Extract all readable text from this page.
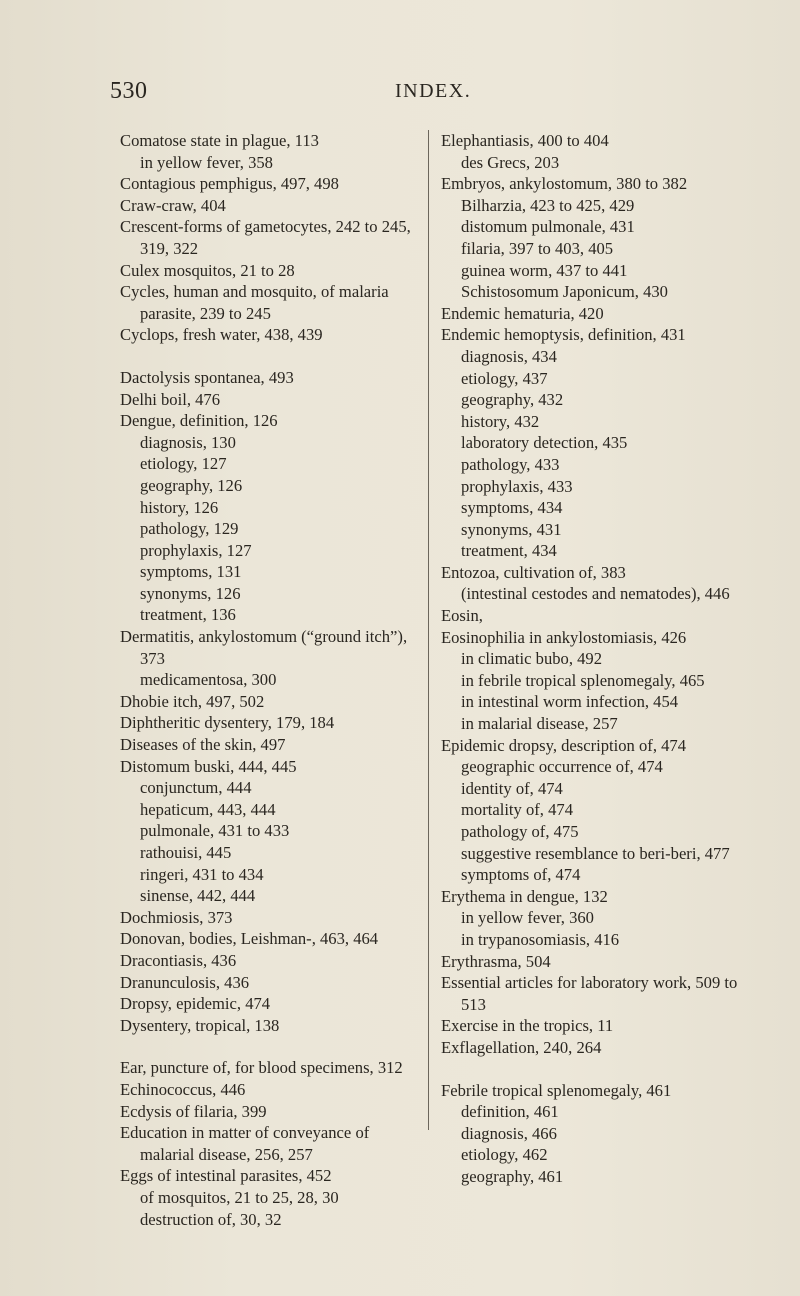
530	INDEX.
Comatose state in plague, 113
in yellow fever, 358
Contagious pemphigus, 497, 498
Craw-craw, 404
Crescent-forms of gametocytes, 242 to 245, 319, 322
Culex mosquitos, 21 to 28
Cycles, human and mosquito, of malaria parasite, 239 to 245
Cyclops, fresh water, 438, 439
Dactolysis spontanea, 493
Delhi boil, 476
Dengue, definition, 126
diagnosis, 130
etiology, 127
geography, 126
history, 126
pathology, 129
prophylaxis, 127
symptoms, 131
synonyms, 126
treatment, 136
Dermatitis, ankylostomum (“ground itch”), 373
medicamentosa, 300
Dhobie itch, 497, 502
Diphtheritic dysentery, 179, 184
Diseases of the skin, 497
Distomum buski, 444, 445
conjunctum, 444
hepaticum, 443, 444
pulmonale, 431 to 433
rathouisi, 445
ringeri, 431 to 434
sinense, 442, 444
Dochmiosis, 373
Donovan, bodies, Leishman-, 463, 464
Dracontiasis, 436
Dranunculosis, 436
Dropsy, epidemic, 474
Dysentery, tropical, 138
Ear, puncture of, for blood specimens, 312
Echinococcus, 446
Ecdysis of filaria, 399
Education in matter of conveyance of malarial disease, 256, 257
Eggs of intestinal parasites, 452
of mosquitos, 21 to 25, 28, 30
destruction of, 30, 32
Elephantiasis, 400 to 404
des Grecs, 203
Embryos, ankylostomum, 380 to 382
Bilharzia, 423 to 425, 429
distomum pulmonale, 431
filaria, 397 to 403, 405
guinea worm, 437 to 441
Schistosomum Japonicum, 430
Endemic hematuria, 420
Endemic hemoptysis, definition, 431
diagnosis, 434
etiology, 437
geography, 432
history, 432
laboratory detection, 435
pathology, 433
prophylaxis, 433
symptoms, 434
synonyms, 431
treatment, 434
Entozoa, cultivation of, 383
(intestinal cestodes and nematodes), 446
Eosin,
Eosinophilia in ankylostomiasis, 426
in climatic bubo, 492
in febrile tropical splenomegaly, 465
in intestinal worm infection, 454
in malarial disease, 257
Epidemic dropsy, description of, 474
geographic occurrence of, 474
identity of, 474
mortality of, 474
pathology of, 475
suggestive resemblance to beri-beri, 477
symptoms of, 474
Erythema in dengue, 132
in yellow fever, 360
in trypanosomiasis, 416
Erythrasma, 504
Essential articles for laboratory work, 509 to 513
Exercise in the tropics, 11
Exflagellation, 240, 264
Febrile tropical splenomegaly, 461
definition, 461
diagnosis, 466
etiology, 462
geography, 461
